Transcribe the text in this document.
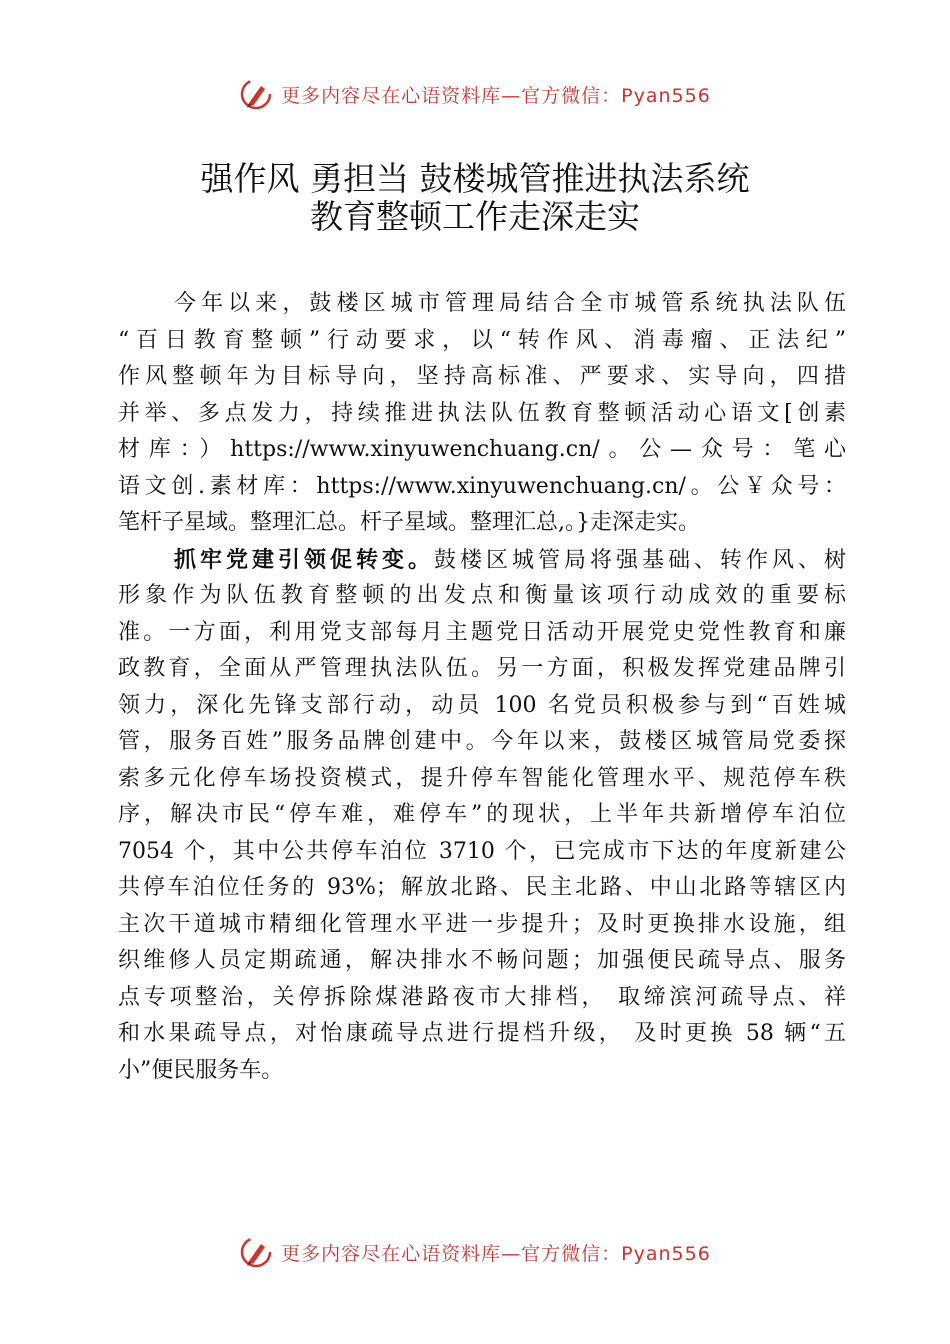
更多内容尽在心语资料库—官方微信：Pyan556
强作风 勇担当 鼓楼城管推进执法系统
教育整顿工作走深走实
今年以来，鼓楼区城市管理局结合全市城管系统执法队伍
“百日教育整顿”行动要求，以“转作风、消毒瘤、正法纪”
作风整顿年为目标导向，坚持高标准、严要求、实导向，四措
并举、多点发力，持续推进执法队伍教育整顿活动心语文[创素
材库：）https://www.xinyuwenchuang.cn/。公—众号：笔心
语文创.素材库：https://www.xinyuwenchuang.cn/。公￥众号：
笔杆子星域。整理汇总。杆子星域。整理汇总,。}走深走实。
抓牢党建引领促转变。鼓楼区城管局将强基础、转作风、树
形象作为队伍教育整顿的出发点和衡量该项行动成效的重要标
准。一方面，利用党支部每月主题党日活动开展党史党性教育和廉
政教育，全面从严管理执法队伍。另一方面，积极发挥党建品牌引
领力，深化先锋支部行动，动员 100 名党员积极参与到“百姓城
管，服务百姓”服务品牌创建中。今年以来，鼓楼区城管局党委探
索多元化停车场投资模式，提升停车智能化管理水平、规范停车秩
序，解决市民“停车难，难停车”的现状，上半年共新增停车泊位
7054 个，其中公共停车泊位 3710 个，已完成市下达的年度新建公
共停车泊位任务的 93%；解放北路、民主北路、中山北路等辖区内
主次干道城市精细化管理水平进一步提升；及时更换排水设施，组
织维修人员定期疏通，解决排水不畅问题；加强便民疏导点、服务
点专项整治，关停拆除煤港路夜市大排档， 取缔滨河疏导点、祥
和水果疏导点，对怡康疏导点进行提档升级， 及时更换 58 辆“五
小”便民服务车。
更多内容尽在心语资料库—官方微信：Pyan556
